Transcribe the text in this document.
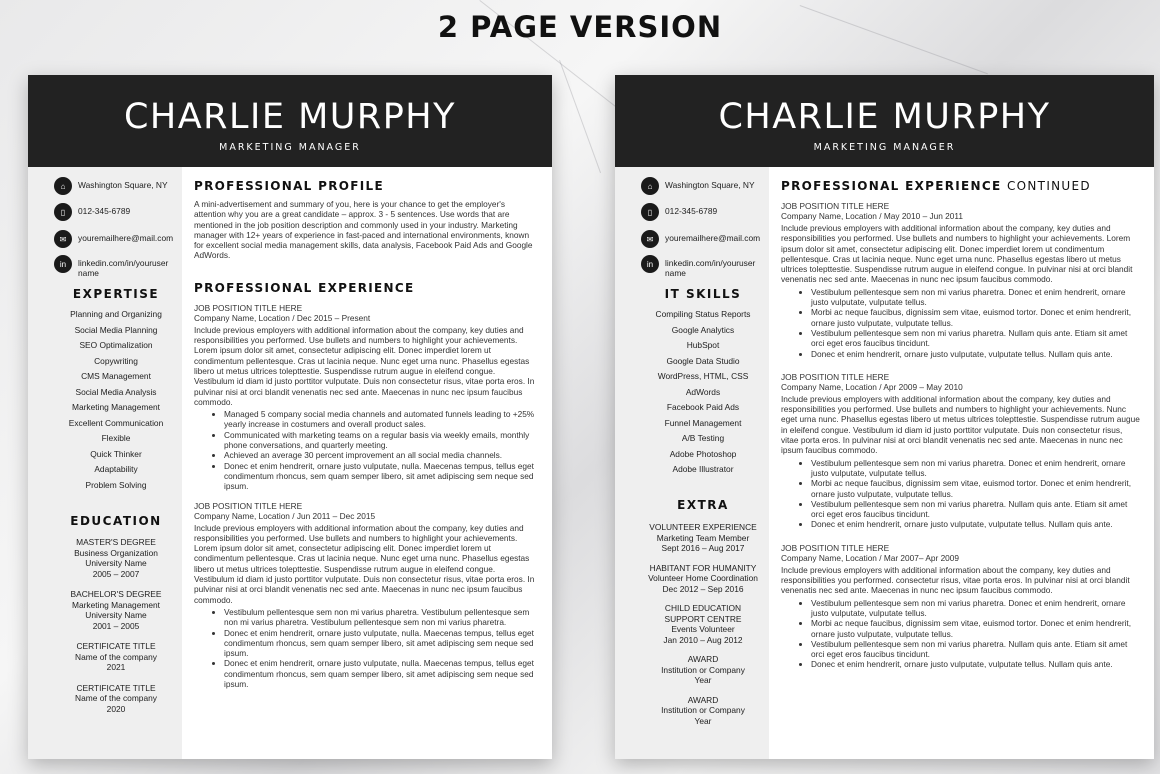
2 PAGE VERSION
CHARLIE MURPHY
MARKETING MANAGER
⌂	Washington Square, NY
▯	012-345-6789
✉	youremailhere@mail.com
in	linkedin.com/in/youruser name
EXPERTISE
Planning and Organizing
Social Media Planning
SEO Optimalization
Copywriting
CMS Management
Social Media Analysis
Marketing Management
Excellent Communication
Flexible
Quick Thinker
Adaptability
Problem Solving
EDUCATION
MASTER'S DEGREE
Business Organization
University Name
2005 – 2007
BACHELOR'S DEGREE
Marketing Management
University Name
2001 – 2005
CERTIFICATE TITLE
Name of the company
2021
CERTIFICATE TITLE
Name of the company
2020
PROFESSIONAL PROFILE

A mini-advertisement and summary of you, here is your chance to get the employer's attention why you are a great candidate – approx. 3 - 5 sentences. Use words that are mentioned in the job position description and commonly used in your industry. Marketing manager with 12+ years of experience in fast-paced and international environments, known for excellent social media management skills, data analysis, Facebook Paid Ads and Google AdWords.

PROFESSIONAL EXPERIENCE
JOB POSITION TITLE HERE
Company Name, Location / Dec 2015 – Present

Include previous employers with additional information about the company, key duties and responsibilities you performed. Use bullets and numbers to highlight your achievements. Lorem ipsum dolor sit amet, consectetur adipiscing elit. Donec imperdiet lorem ut condimentum pellentesque. Cras ut lacinia neque. Nunc eget urna nunc. Phasellus egestas libero ut metus ultrices tolepttestie. Suspendisse rutrum augue in eleifend congue. Vestibulum id diam id justo porttitor vulputate. Duis non consectetur risus, vitae porta eros. In pulvinar nisi at orci blandit venenatis nec sed ante. Maecenas in nunc nec ipsum faucibus commodo.

• Managed 5 company social media channels and automated funnels leading to +25% yearly increase in costumers and overall product sales.
• Communicated with marketing teams on a regular basis via weekly emails, monthly phone conversations, and quarterly meeting.
• Achieved an average 30 percent improvement an all social media channels.
• Donec et enim hendrerit, ornare justo vulputate, nulla. Maecenas tempus, tellus eget condimentum rhoncus, sem quam semper libero, sit amet adipiscing sem neque sed ipsum.
JOB POSITION TITLE HERE
Company Name, Location / Jun 2011 – Dec 2015

Include previous employers with additional information about the company, key duties and responsibilities you performed. Use bullets and numbers to highlight your achievements. Lorem ipsum dolor sit amet, consectetur adipiscing elit. Donec imperdiet lorem ut condimentum pellentesque. Cras ut lacinia neque. Nunc eget urna nunc. Phasellus egestas libero ut metus ultrices tolepttestie. Suspendisse rutrum augue in eleifend congue. Vestibulum id diam id justo porttitor vulputate. Duis non consectetur risus, vitae porta eros. In pulvinar nisi at orci blandit venenatis nec sed ante. Maecenas in nunc nec ipsum faucibus commodo.

• Vestibulum pellentesque sem non mi varius pharetra. Vestibulum pellentesque sem non mi varius pharetra. Vestibulum pellentesque sem non mi varius pharetra.
• Donec et enim hendrerit, ornare justo vulputate, nulla. Maecenas tempus, tellus eget condimentum rhoncus, sem quam semper libero, sit amet adipiscing sem neque sed ipsum.
• Donec et enim hendrerit, ornare justo vulputate, nulla. Maecenas tempus, tellus eget condimentum rhoncus, sem quam semper libero, sit amet adipiscing sem neque sed ipsum.
CHARLIE MURPHY
MARKETING MANAGER
⌂	Washington Square, NY
▯	012-345-6789
✉	youremailhere@mail.com
in	linkedin.com/in/youruser name
IT SKILLS
Compiling Status Reports
Google Analytics
HubSpot
Google Data Studio
WordPress, HTML, CSS
AdWords
Facebook Paid Ads
Funnel Management
A/B Testing
Adobe Photoshop
Adobe Illustrator
EXTRA
VOLUNTEER EXPERIENCE
Marketing Team Member
Sept 2016 – Aug 2017
HABITANT FOR HUMANITY
Volunteer Home Coordination
Dec 2012 – Sep 2016
CHILD EDUCATION
SUPPORT CENTRE
Events Volunteer
Jan 2010 – Aug 2012
AWARD
Institution or Company
Year
AWARD
Institution or Company
Year
PROFESSIONAL EXPERIENCE CONTINUED
JOB POSITION TITLE HERE
Company Name, Location / May 2010 – Jun 2011

Include previous employers with additional information about the company, key duties and responsibilities you performed. Use bullets and numbers to highlight your achievements. Lorem ipsum dolor sit amet, consectetur adipiscing elit. Donec imperdiet lorem ut condimentum pellentesque. Cras ut lacinia neque. Nunc eget urna nunc. Phasellus egestas libero ut metus ultrices tolepttestie. Suspendisse rutrum augue in eleifend congue. In pulvinar nisi at orci blandit venenatis nec sed ante. Maecenas in nunc nec ipsum faucibus commodo.

• Vestibulum pellentesque sem non mi varius pharetra. Donec et enim hendrerit, ornare justo vulputate, vulputate tellus.
• Morbi ac neque faucibus, dignissim sem vitae, euismod tortor. Donec et enim hendrerit, ornare justo vulputate, vulputate tellus.
• Vestibulum pellentesque sem non mi varius pharetra. Nullam quis ante. Etiam sit amet orci eget eros faucibus tincidunt.
• Donec et enim hendrerit, ornare justo vulputate, vulputate tellus. Nullam quis ante.
JOB POSITION TITLE HERE
Company Name, Location / Apr 2009 – May 2010

Include previous employers with additional information about the company, key duties and responsibilities you performed. Use bullets and numbers to highlight your achievements. Nunc eget urna nunc. Phasellus egestas libero ut metus ultrices tolepttestie. Suspendisse rutrum augue in eleifend congue. Vestibulum id diam id justo porttitor vulputate. Duis non consectetur risus, vitae porta eros. In pulvinar nisi at orci blandit venenatis nec sed ante. Maecenas in nunc nec ipsum faucibus commodo.

• Vestibulum pellentesque sem non mi varius pharetra. Donec et enim hendrerit, ornare justo vulputate, vulputate tellus.
• Morbi ac neque faucibus, dignissim sem vitae, euismod tortor. Donec et enim hendrerit, ornare justo vulputate, vulputate tellus.
• Vestibulum pellentesque sem non mi varius pharetra. Nullam quis ante. Etiam sit amet orci eget eros faucibus tincidunt.
• Donec et enim hendrerit, ornare justo vulputate, vulputate tellus. Nullam quis ante.
JOB POSITION TITLE HERE
Company Name, Location / Mar 2007– Apr 2009

Include previous employers with additional information about the company, key duties and responsibilities you performed. consectetur risus, vitae porta eros. In pulvinar nisi at orci blandit venenatis nec sed ante. Maecenas in nunc nec ipsum faucibus commodo.

• Vestibulum pellentesque sem non mi varius pharetra. Donec et enim hendrerit, ornare justo vulputate, vulputate tellus.
• Morbi ac neque faucibus, dignissim sem vitae, euismod tortor. Donec et enim hendrerit, ornare justo vulputate, vulputate tellus.
• Vestibulum pellentesque sem non mi varius pharetra. Nullam quis ante. Etiam sit amet orci eget eros faucibus tincidunt.
• Donec et enim hendrerit, ornare justo vulputate, vulputate tellus. Nullam quis ante.
